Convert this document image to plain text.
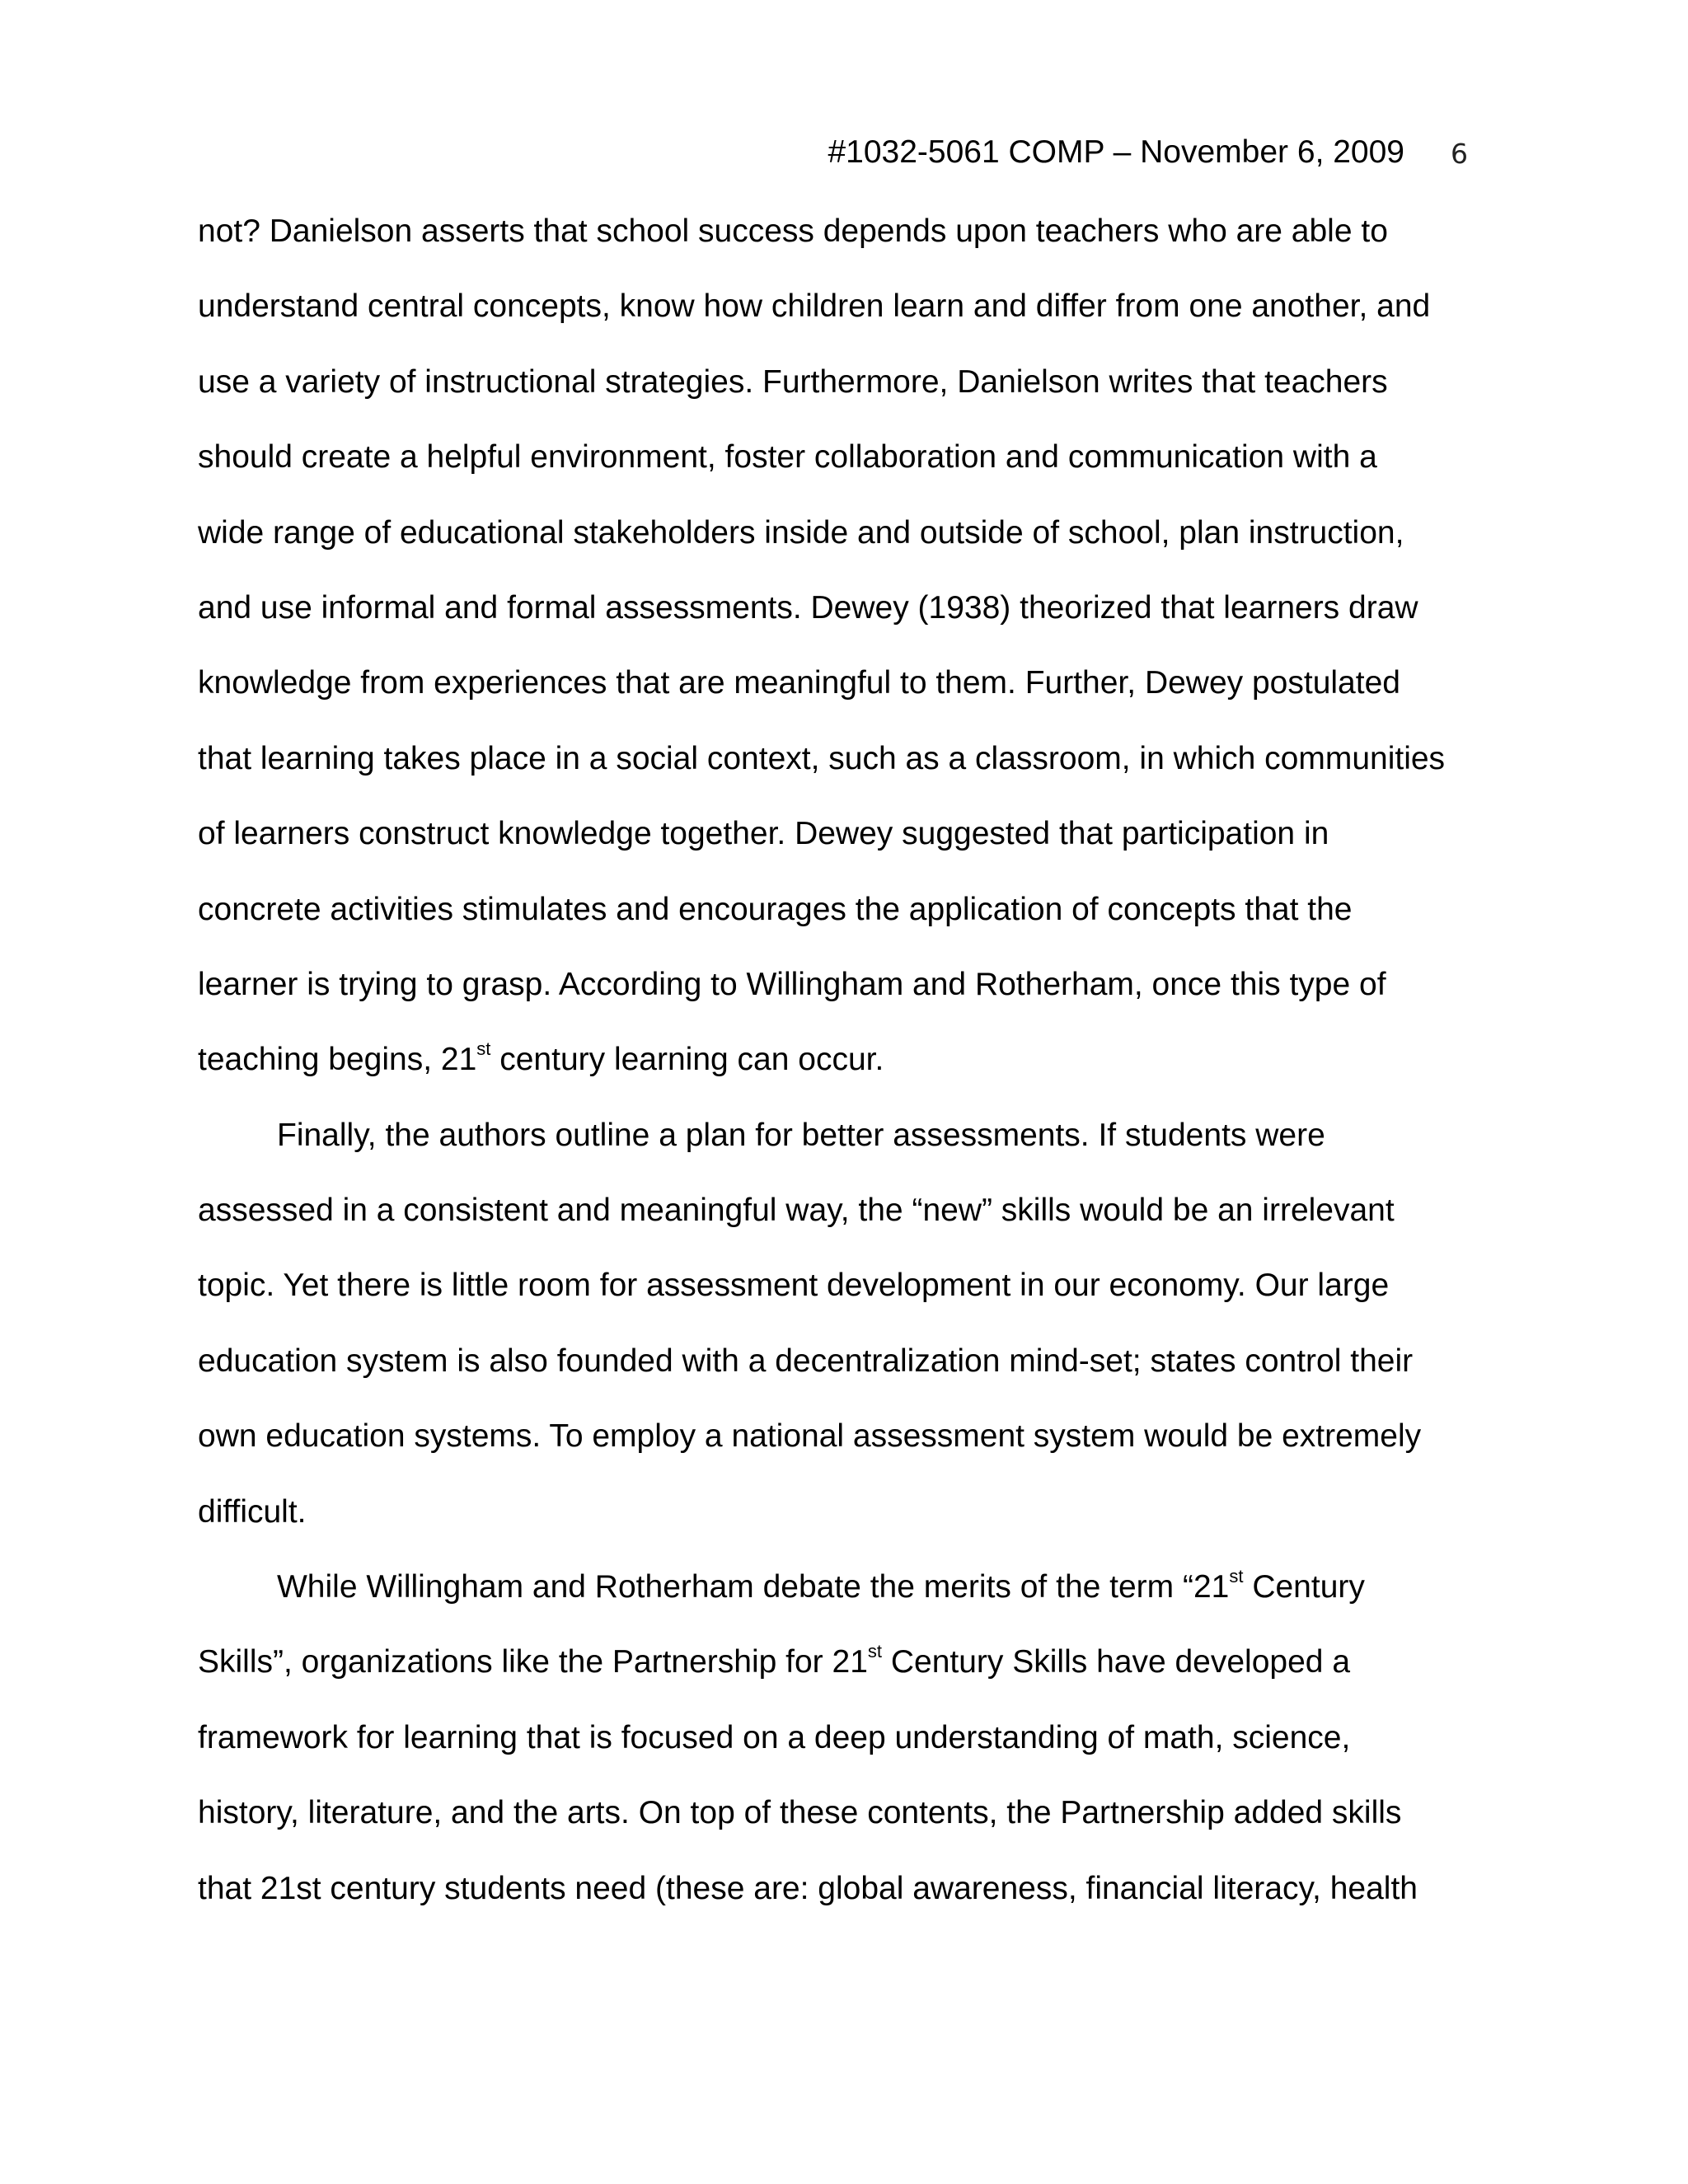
#1032-5061 COMP – November 6, 2009 6
not? Danielson asserts that school success depends upon teachers who are able to
understand central concepts, know how children learn and differ from one another, and
use a variety of instructional strategies. Furthermore, Danielson writes that teachers
should create a helpful environment, foster collaboration and communication with a
wide range of educational stakeholders inside and outside of school, plan instruction,
and use informal and formal assessments. Dewey (1938) theorized that learners draw
knowledge from experiences that are meaningful to them. Further, Dewey postulated
that learning takes place in a social context, such as a classroom, in which communities
of learners construct knowledge together. Dewey suggested that participation in
concrete activities stimulates and encourages the application of concepts that the
learner is trying to grasp. According to Willingham and Rotherham, once this type of
teaching begins, 21st century learning can occur.
Finally, the authors outline a plan for better assessments. If students were
assessed in a consistent and meaningful way, the “new” skills would be an irrelevant
topic. Yet there is little room for assessment development in our economy. Our large
education system is also founded with a decentralization mind-set; states control their
own education systems. To employ a national assessment system would be extremely
difficult.
While Willingham and Rotherham debate the merits of the term “21st Century
Skills”, organizations like the Partnership for 21st Century Skills have developed a
framework for learning that is focused on a deep understanding of math, science,
history, literature, and the arts. On top of these contents, the Partnership added skills
that 21st century students need (these are: global awareness, financial literacy, health
